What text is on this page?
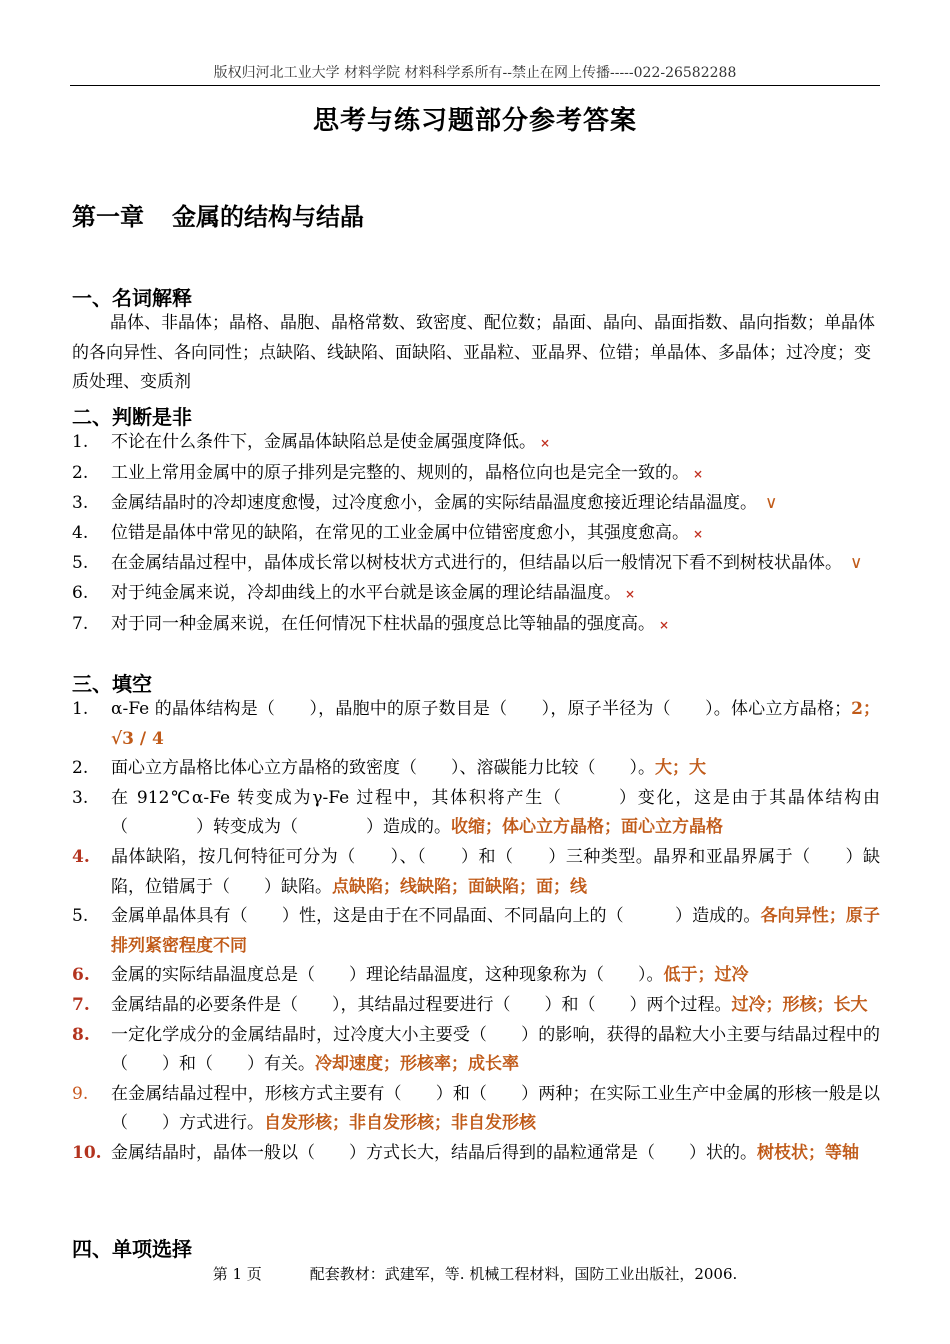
版权归河北工业大学 材料学院 材料科学系所有--禁止在网上传播-----022-26582288
思考与练习题部分参考答案
第一章 金属的结构与结晶
一、名词解释
晶体、非晶体；晶格、晶胞、晶格常数、致密度、配位数；晶面、晶向、晶面指数、晶向指数；单晶体的各向异性、各向同性；点缺陷、线缺陷、面缺陷、亚晶粒、亚晶界、位错；单晶体、多晶体；过冷度；变质处理、变质剂
二、判断是非
1.	不论在什么条件下，金属晶体缺陷总是使金属强度降低。 ×
2.	工业上常用金属中的原子排列是完整的、规则的，晶格位向也是完全一致的。 ×
3.	金属结晶时的冷却速度愈慢，过冷度愈小，金属的实际结晶温度愈接近理论结晶温度。 ∨
4.	位错是晶体中常见的缺陷，在常见的工业金属中位错密度愈小，其强度愈高。 ×
5.	在金属结晶过程中，晶体成长常以树枝状方式进行的，但结晶以后一般情况下看不到树枝状晶体。 ∨
6.	对于纯金属来说，冷却曲线上的水平台就是该金属的理论结晶温度。 ×
7.	对于同一种金属来说，在任何情况下柱状晶的强度总比等轴晶的强度高。 ×
三、填空
1.	α-Fe 的晶体结构是（　　），晶胞中的原子数目是（　　），原子半径为（　　）。体心立方晶格；2；√3 / 4
2.	面心立方晶格比体心立方晶格的致密度（　　）、溶碳能力比较（　　）。大；大
3.	在 912℃α-Fe 转变成为γ-Fe 过程中，其体积将产生（　　　）变化，这是由于其晶体结构由（　　　　）转变成为（　　　　）造成的。收缩；体心立方晶格；面心立方晶格
4.	晶体缺陷，按几何特征可分为（　　）、（　　）和（　　）三种类型。晶界和亚晶界属于（　　）缺陷，位错属于（　　）缺陷。点缺陷；线缺陷；面缺陷；面；线
5.	金属单晶体具有（　　）性，这是由于在不同晶面、不同晶向上的（　　　）造成的。各向异性；原子排列紧密程度不同
6.	金属的实际结晶温度总是（　　）理论结晶温度，这种现象称为（　　）。低于；过冷
7.	金属结晶的必要条件是（　　），其结晶过程要进行（　　）和（　　）两个过程。过冷；形核；长大
8.	一定化学成分的金属结晶时，过冷度大小主要受（　　）的影响，获得的晶粒大小主要与结晶过程中的（　　）和（　　）有关。冷却速度；形核率；成长率
9.	在金属结晶过程中，形核方式主要有（　　）和（　　）两种；在实际工业生产中金属的形核一般是以（　　）方式进行。自发形核；非自发形核；非自发形核
10. 金属结晶时，晶体一般以（　　）方式长大，结晶后得到的晶粒通常是（　　）状的。树枝状；等轴
四、单项选择
第 1 页	配套教材：武建军，等. 机械工程材料，国防工业出版社，2006.
